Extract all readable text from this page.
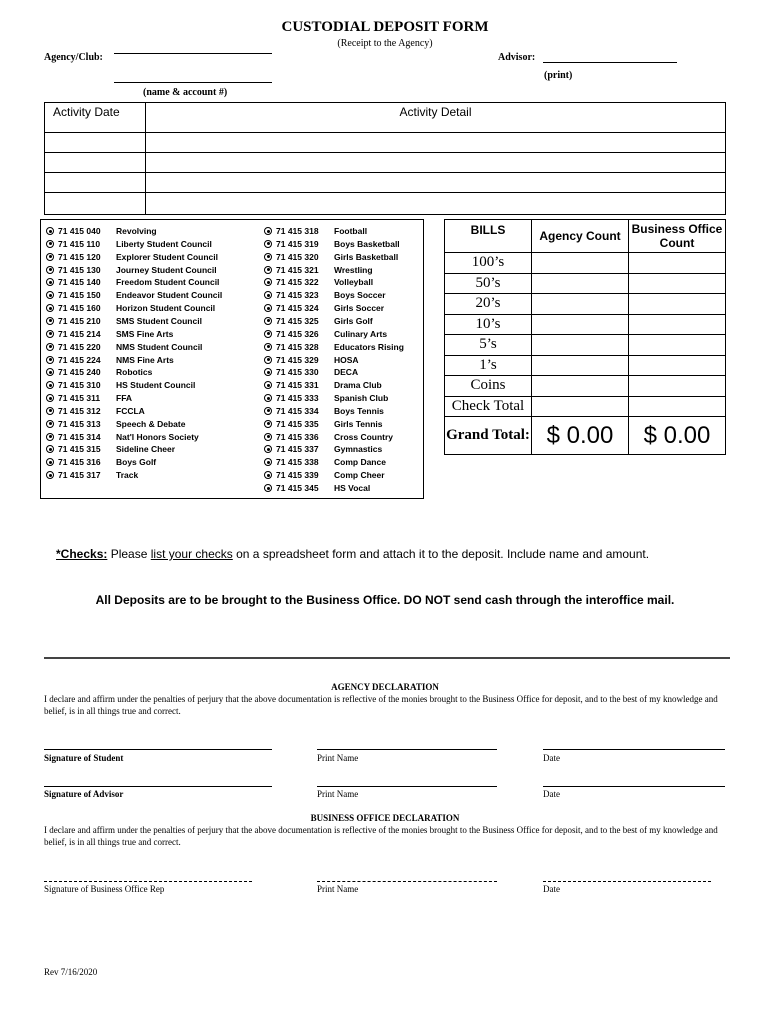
CUSTODIAL DEPOSIT FORM
(Receipt to the Agency)
Agency/Club:
(name & account #)
Advisor:
(print)
Activity Date	Activity Detail

71 415 040 Revolving
71 415 110 Liberty Student Council
71 415 120 Explorer Student Council
71 415 130 Journey Student Council
71 415 140 Freedom Student Council
71 415 150 Endeavor Student Council
71 415 160 Horizon Student Council
71 415 210 SMS Student Council
71 415 214 SMS Fine Arts
71 415 220 NMS Student Council
71 415 224 NMS Fine Arts
71 415 240 Robotics
71 415 310 HS Student Council
71 415 311 FFA
71 415 312 FCCLA
71 415 313 Speech & Debate
71 415 314 Nat'l Honors Society
71 415 315 Sideline Cheer
71 415 316 Boys Golf
71 415 317 Track
71 415 318 Football
71 415 319 Boys Basketball
71 415 320 Girls Basketball
71 415 321 Wrestling
71 415 322 Volleyball
71 415 323 Boys Soccer
71 415 324 Girls Soccer
71 415 325 Girls Golf
71 415 326 Culinary Arts
71 415 328 Educators Rising
71 415 329 HOSA
71 415 330 DECA
71 415 331 Drama Club
71 415 333 Spanish Club
71 415 334 Boys Tennis
71 415 335 Girls Tennis
71 415 336 Cross Country
71 415 337 Gymnastics
71 415 338 Comp Dance
71 415 339 Comp Cheer
71 415 345 HS Vocal
BILLS	Agency Count	Business Office Count
100’s		
50’s		
20’s		
10’s		
5’s		
1’s		
Coins		
Check Total		
Grand Total:	$ 0.00	$ 0.00
*Checks: Please list your checks on a spreadsheet form and attach it to the deposit. Include name and amount.
All Deposits are to be brought to the Business Office. DO NOT send cash through the interoffice mail.
AGENCY DECLARATION
I declare and affirm under the penalties of perjury that the above documentation is reflective of the monies brought to the Business Office for deposit, and to the best of my knowledge and belief, is in all things true and correct.
Signature of Student	Print Name	Date
Signature of Advisor	Print Name	Date
BUSINESS OFFICE DECLARATION
I declare and affirm under the penalties of perjury that the above documentation is reflective of the monies brought to the Business Office for deposit, and to the best of my knowledge and belief, is in all things true and correct.
Signature of Business Office Rep	Print Name	Date
Rev 7/16/2020
